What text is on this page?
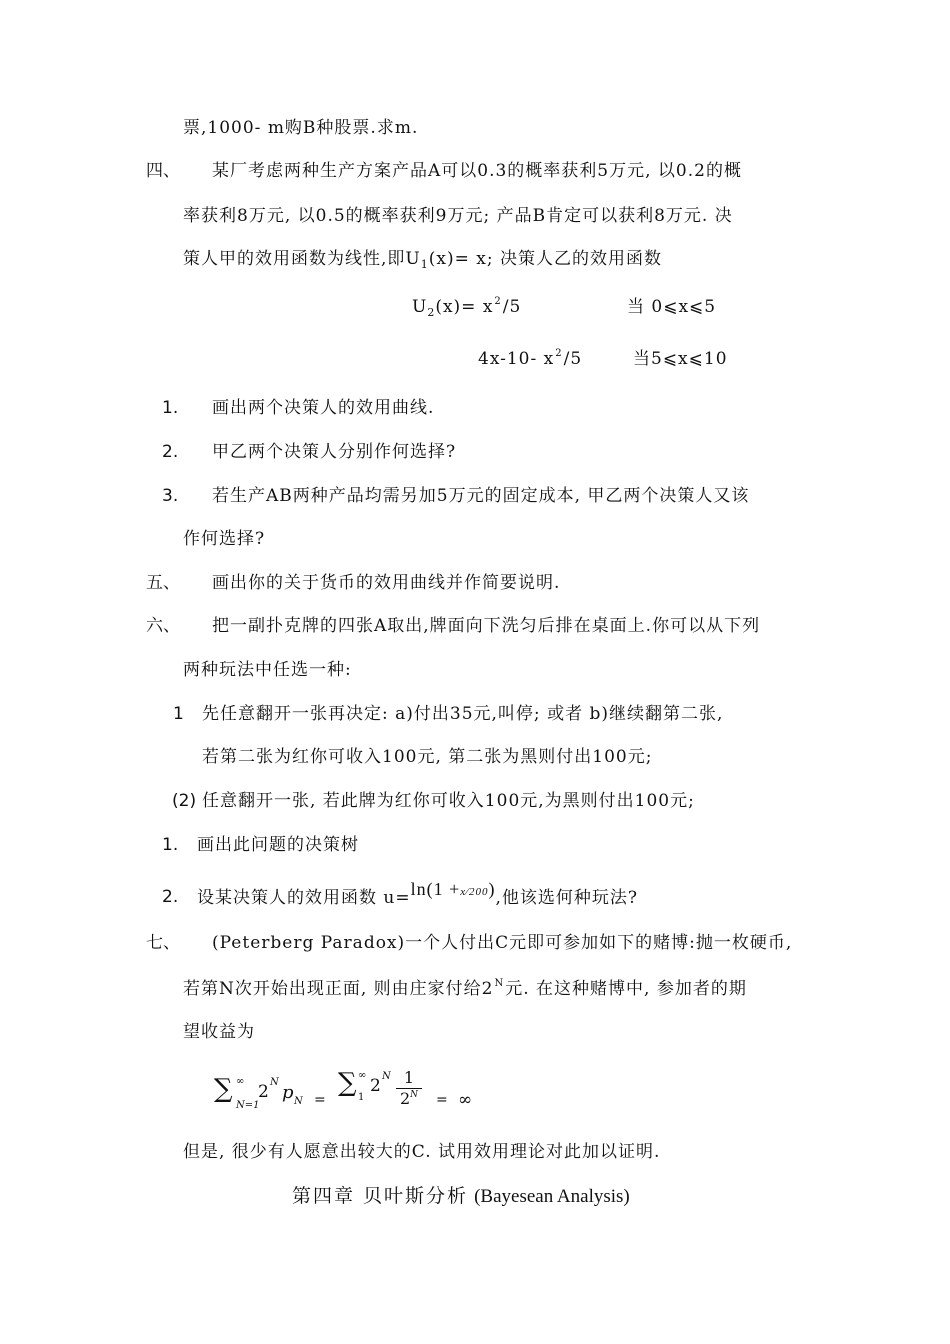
票,1000- m购B种股票.求m.
四、 某厂考虑两种生产方案产品A可以0.3的概率获利5万元, 以0.2的概
率获利8万元, 以0.5的概率获利9万元; 产品B肯定可以获利8万元. 决
策人甲的效用函数为线性,即$U_1(x)= x$; 决策人乙的效用函数
$U_2(x)= x^2/5$	当 0⩽x⩽5
4x-10- $x^2/5$	当5⩽x⩽10
1. 画出两个决策人的效用曲线.
2. 甲乙两个决策人分别作何选择?
3. 若生产AB两种产品均需另加5万元的固定成本, 甲乙两个决策人又该
作何选择?
五、 画出你的关于货币的效用曲线并作简要说明.
六、 把一副扑克牌的四张A取出,牌面向下洗匀后排在桌面上.你可以从下列
两种玩法中任选一种:
1 先任意翻开一张再决定: a)付出35元,叫停; 或者 b)继续翻第二张,
若第二张为红你可收入100元, 第二张为黑则付出100元;
(2) 任意翻开一张, 若此牌为红你可收入100元,为黑则付出100元;
1. 画出此问题的决策树
2. 设某决策人的效用函数 u=ln(1 +x⁄200),他该选何种玩法?
七、 (Peterberg Paradox)一个人付出C元即可参加如下的赌博:抛一枚硬币,
若第N次开始出现正面, 则由庄家付给$2^N$元. 在这种赌博中, 参加者的期
望收益为
∑ ∞
N=1
2 N p N =
∑ ∞
1
2 N $\frac{1}{2^N}$ = ∞
但是, 很少有人愿意出较大的C. 试用效用理论对此加以证明.
第四章 贝叶斯分析 (Bayesean Analysis)
